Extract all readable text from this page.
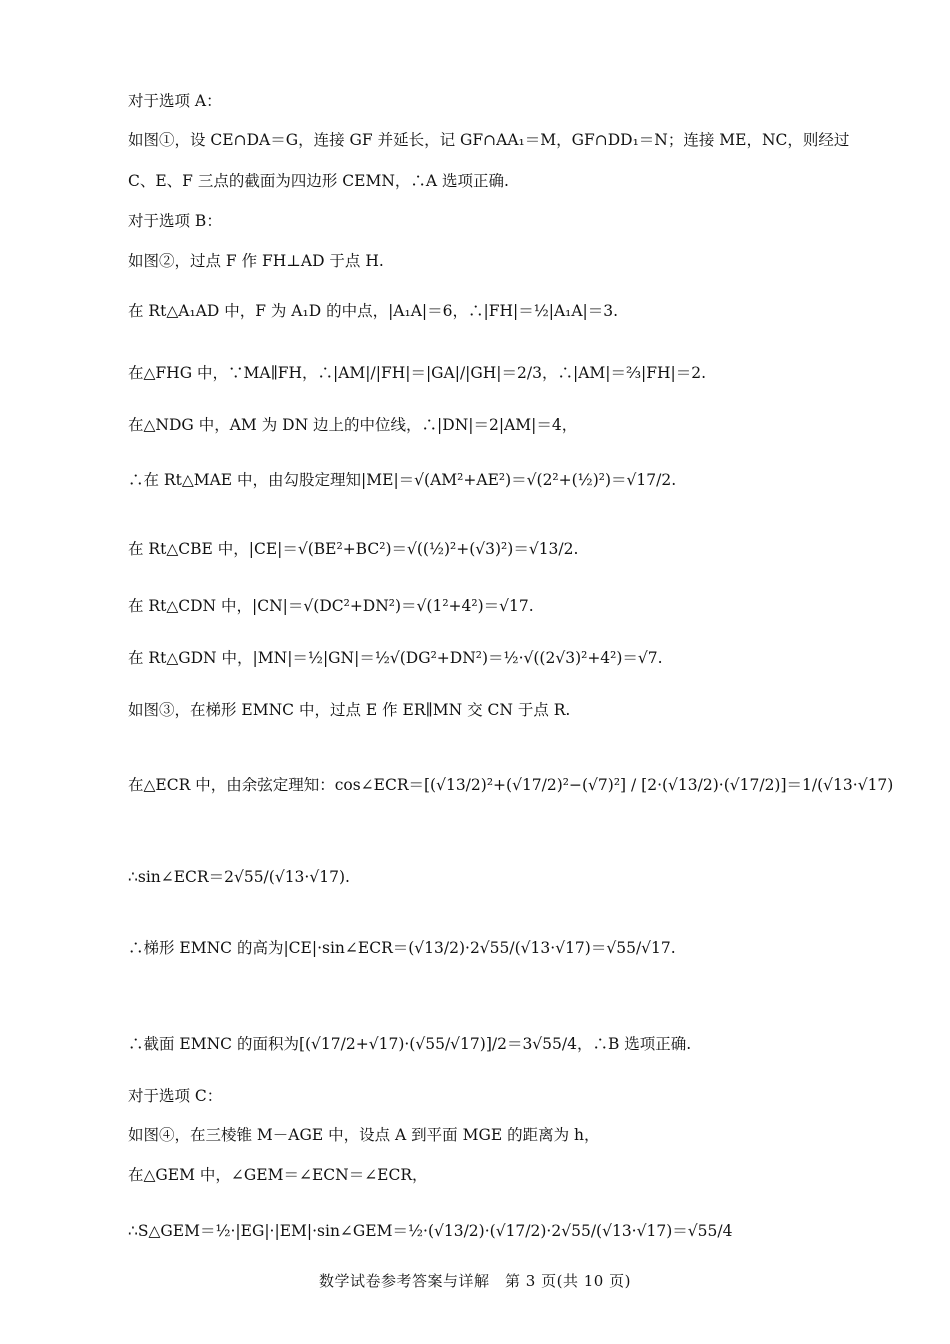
对于选项 A：
如图①，设 CE∩DA＝G，连接 GF 并延长，记 GF∩AA₁＝M，GF∩DD₁＝N；连接 ME，NC，则经过
C、E、F 三点的截面为四边形 CEMN，∴A 选项正确.
对于选项 B：
如图②，过点 F 作 FH⊥AD 于点 H.
在 Rt△A₁AD 中，F 为 A₁D 的中点，|A₁A|＝6，∴|FH|＝½|A₁A|＝3.
在△FHG 中，∵MA∥FH，∴|AM|/|FH|＝|GA|/|GH|＝2/3，∴|AM|＝⅔|FH|＝2.
在△NDG 中，AM 为 DN 边上的中位线，∴|DN|＝2|AM|＝4，
∴在 Rt△MAE 中，由勾股定理知|ME|＝√(AM²+AE²)＝√(2²+(½)²)＝√17/2.
在 Rt△CBE 中，|CE|＝√(BE²+BC²)＝√((½)²+(√3)²)＝√13/2.
在 Rt△CDN 中，|CN|＝√(DC²+DN²)＝√(1²+4²)＝√17.
在 Rt△GDN 中，|MN|＝½|GN|＝½√(DG²+DN²)＝½·√((2√3)²+4²)＝√7.
如图③，在梯形 EMNC 中，过点 E 作 ER∥MN 交 CN 于点 R.
在△ECR 中，由余弦定理知：cos∠ECR＝[(√13/2)²+(√17/2)²−(√7)²] / [2·(√13/2)·(√17/2)]＝1/(√13·√17)
∴sin∠ECR＝2√55/(√13·√17).
∴梯形 EMNC 的高为|CE|·sin∠ECR＝(√13/2)·2√55/(√13·√17)＝√55/√17.
∴截面 EMNC 的面积为[(√17/2+√17)·(√55/√17)]/2＝3√55/4，∴B 选项正确.
对于选项 C：
如图④，在三棱锥 M－AGE 中，设点 A 到平面 MGE 的距离为 h，
在△GEM 中，∠GEM＝∠ECN＝∠ECR，
∴S△GEM＝½·|EG|·|EM|·sin∠GEM＝½·(√13/2)·(√17/2)·2√55/(√13·√17)＝√55/4
数学试卷参考答案与详解　第 3 页(共 10 页)
